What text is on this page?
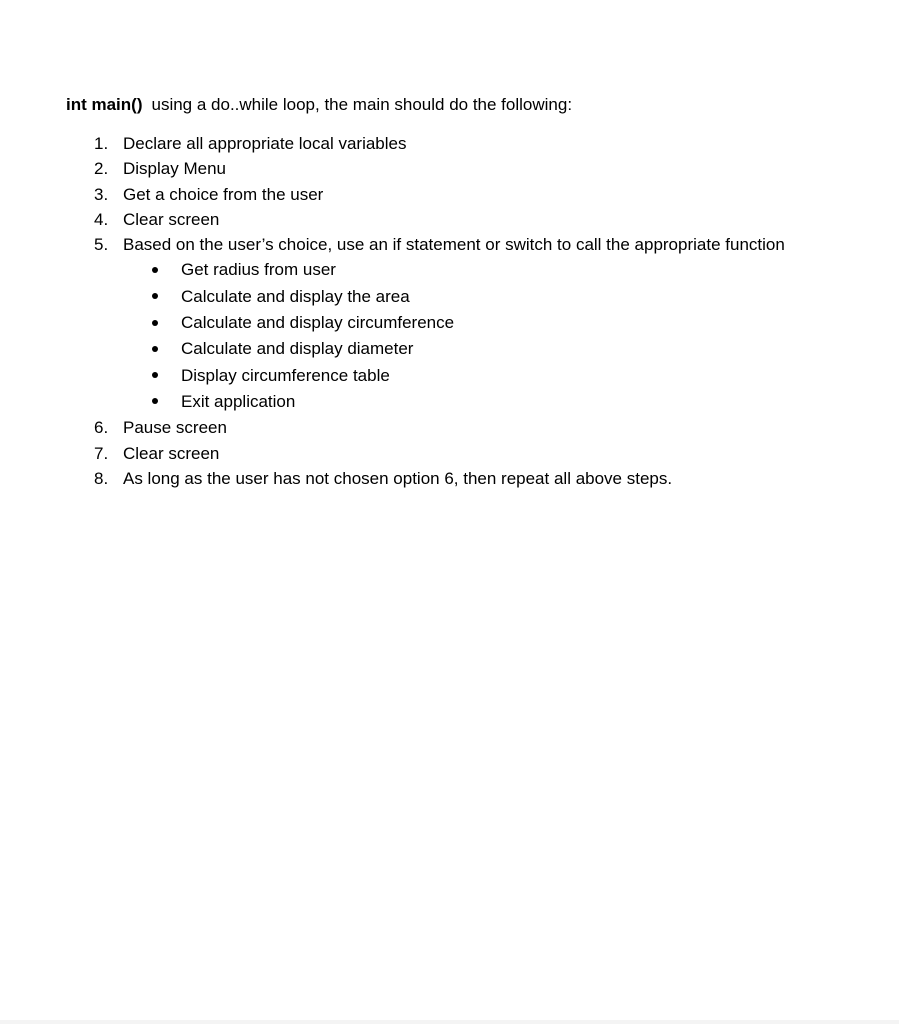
int main() using a do..while loop, the main should do the following:
1. Declare all appropriate local variables
2. Display Menu
3. Get a choice from the user
4. Clear screen
5. Based on the user’s choice, use an if statement or switch to call the appropriate function
Get radius from user
Calculate and display the area
Calculate and display circumference
Calculate and display diameter
Display circumference table
Exit application
6. Pause screen
7. Clear screen
8. As long as the user has not chosen option 6, then repeat all above steps.
